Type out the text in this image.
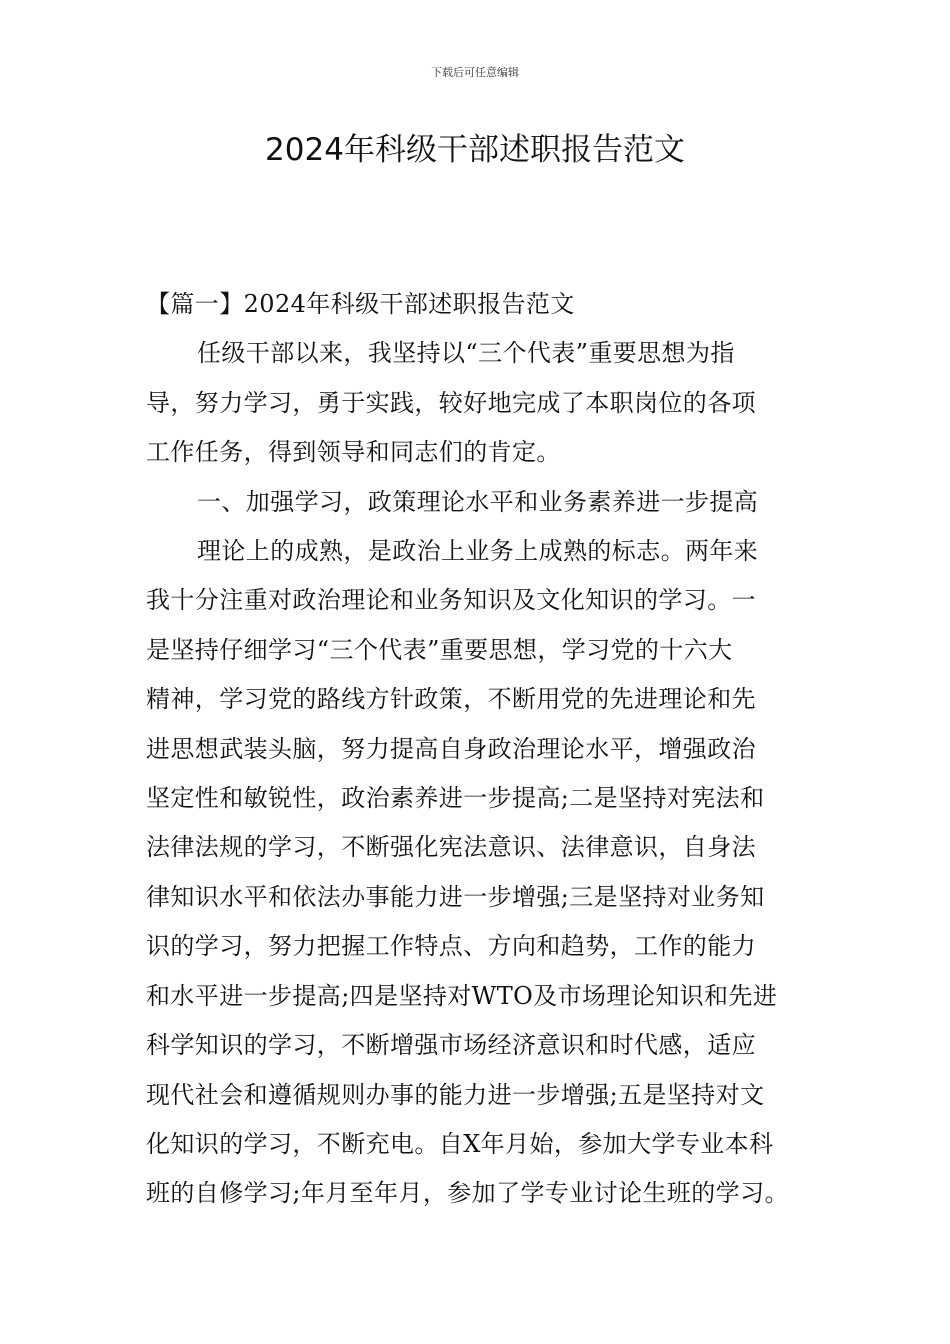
下载后可任意编辑
2024年科级干部述职报告范文
【篇一】2024年科级干部述职报告范文
任级干部以来，我坚持以“三个代表”重要思想为指
导，努力学习，勇于实践，较好地完成了本职岗位的各项
工作任务，得到领导和同志们的肯定。
一、加强学习，政策理论水平和业务素养进一步提高
理论上的成熟，是政治上业务上成熟的标志。两年来
我十分注重对政治理论和业务知识及文化知识的学习。一
是坚持仔细学习“三个代表”重要思想，学习党的十六大
精神，学习党的路线方针政策，不断用党的先进理论和先
进思想武装头脑，努力提高自身政治理论水平，增强政治
坚定性和敏锐性，政治素养进一步提高;二是坚持对宪法和
法律法规的学习，不断强化宪法意识、法律意识，自身法
律知识水平和依法办事能力进一步增强;三是坚持对业务知
识的学习，努力把握工作特点、方向和趋势，工作的能力
和水平进一步提高;四是坚持对WTO及市场理论知识和先进
科学知识的学习，不断增强市场经济意识和时代感，适应
现代社会和遵循规则办事的能力进一步增强;五是坚持对文
化知识的学习，不断充电。自X年月始，参加大学专业本科
班的自修学习;年月至年月，参加了学专业讨论生班的学习。
